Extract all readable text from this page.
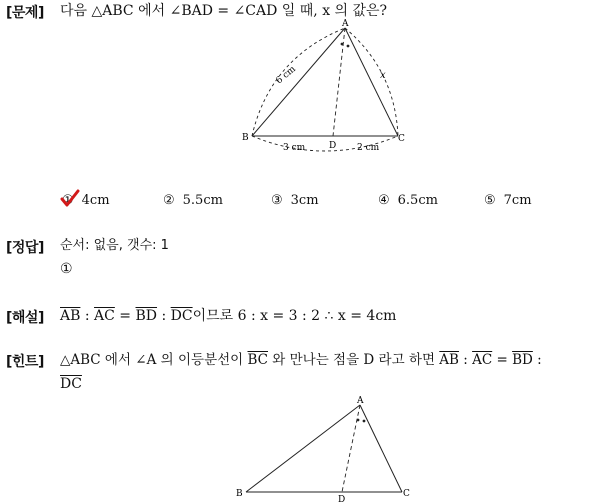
[문제] 다음 △ABC 에서 ∠BAD = ∠CAD 일 때, x 의 값은?
A
B	C
D
6 cm	x
3 cm	2 cm
① 4cm	② 5.5cm	③ 3cm	④ 6.5cm	⑤ 7cm
[정답] 순서: 없음, 갯수: 1
①
[해설] $\overline{AB}$ : $\overline{AC} = \overline{BD}$ : $\overline{DC}$이므로 6 : x = 3 : 2 ∴ x = 4cm
[힌트] △ABC 에서 ∠A 의 이등분선이 $\overline{BC}$ 와 만나는 점을 D 라고 하면 $\overline{AB}$ : $\overline{AC} = \overline{BD}$ :
$\overline{DC}$
A
B	C
D
